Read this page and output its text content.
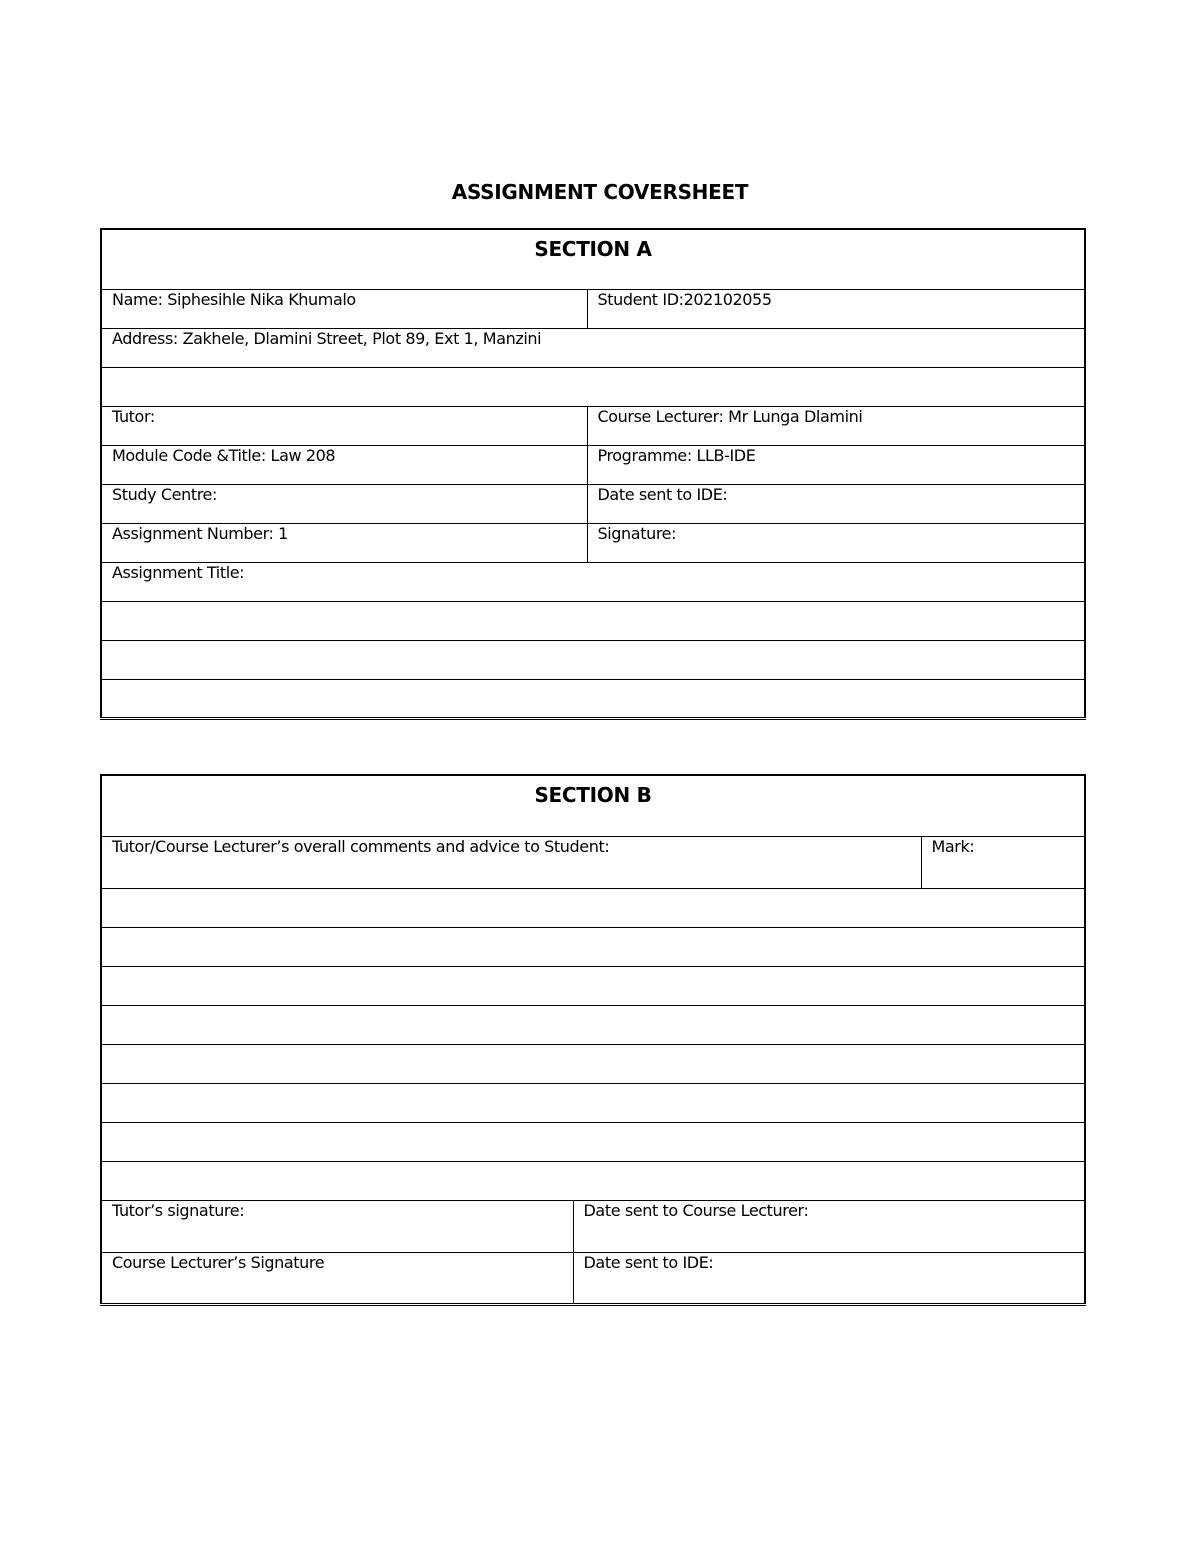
ASSIGNMENT COVERSHEET
SECTION A	
Name: Siphesihle Nika Khumalo	Student ID:202102055
Address: Zakhele, Dlamini Street, Plot 89, Ext 1, Manzini	

Tutor:	Course Lecturer: Mr Lunga Dlamini
Module Code &Title: Law 208	Programme: LLB-IDE
Study Centre:	Date sent to IDE:
Assignment Number: 1	Signature:
Assignment Title:	

SECTION B		
Tutor/Course Lecturer’s overall comments and advice to Student:		Mark:

Tutor’s signature:	Date sent to Course Lecturer:	
Course Lecturer’s Signature	Date sent to IDE:	
